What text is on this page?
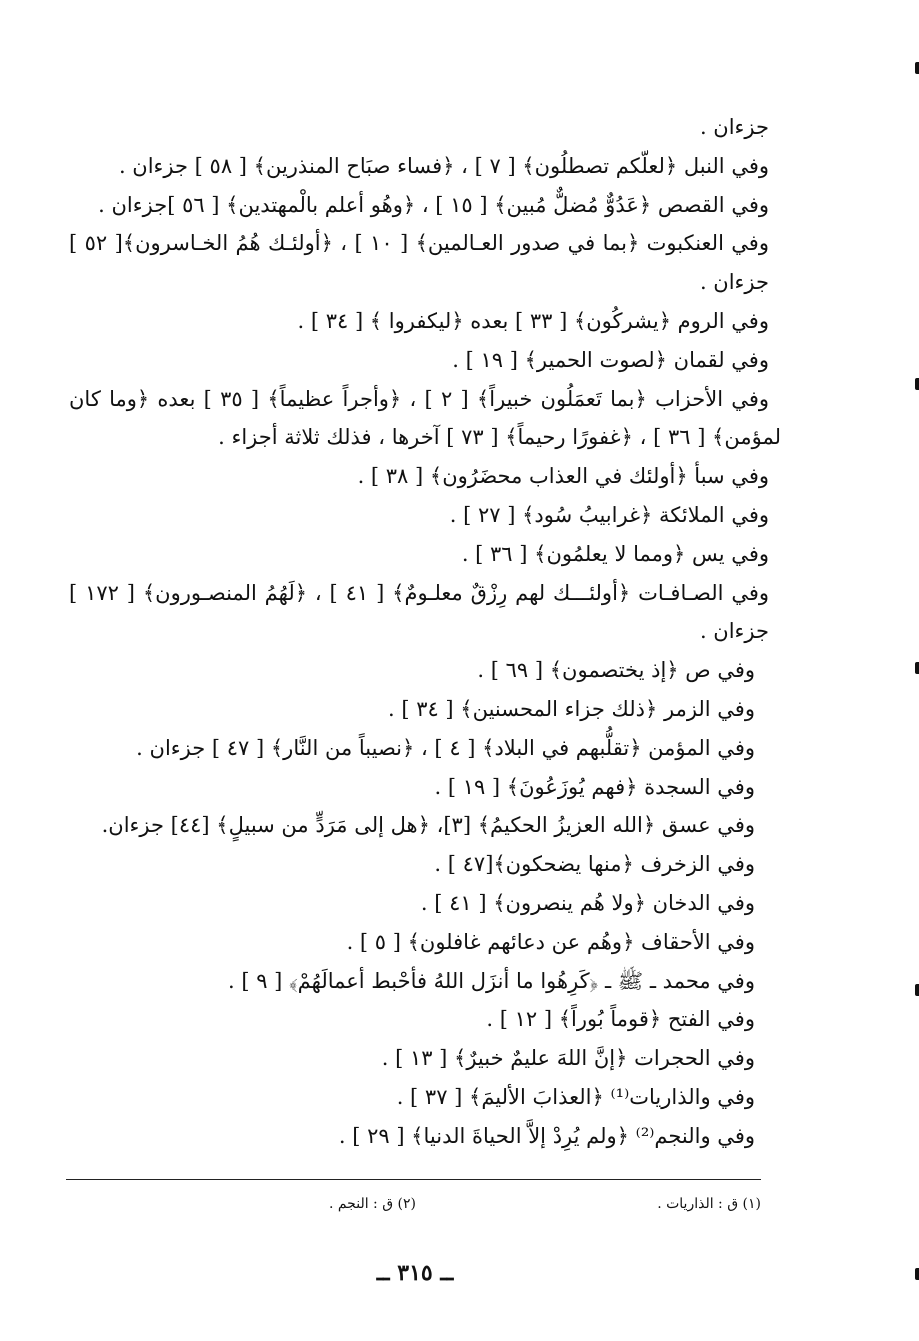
جزءان .
وفي النبل ﴿لعلّكم تصطلُون﴾ [ ٧ ] ، ﴿فساء صبَاح المنذرين﴾ [ ٥٨ ] جزءان .
وفي القصص ﴿عَدُوٌّ مُضلٌّ مُبين﴾ [ ١٥ ] ، ﴿وهُو أعلم بالْمهتدين﴾ [ ٥٦ ]جزءان .
وفي العنكبوت ﴿بما في صدور العـالمين﴾ [ ١٠ ] ، ﴿أولئـك هُمُ الخـاسرون﴾[ ٥٢ ]
جزءان .
وفي الروم ﴿يشركُون﴾ [ ٣٣ ] بعده ﴿ليكفروا ﴾ [ ٣٤ ] .
وفي لقمان ﴿لصوت الحمير﴾ [ ١٩ ] .
وفي الأحزاب ﴿بما تَعمَلُون خبيراً﴾ [ ٢ ] ، ﴿وأجراً عظيماً﴾ [ ٣٥ ] بعده ﴿وما كان
لمؤمن﴾ [ ٣٦ ] ، ﴿غفورًا رحيماً﴾ [ ٧٣ ] آخرها ، فذلك ثلاثة أجزاء .
وفي سبأ ﴿أولئك في العذاب محضَرُون﴾ [ ٣٨ ] .
وفي الملائكة ﴿غرابيبُ سُود﴾ [ ٢٧ ] .
وفي يس ﴿ومما لا يعلمُون﴾ [ ٣٦ ] .
وفي الصـافـات ﴿أولئـــك لهم رِزْقٌ معلـومٌ﴾ [ ٤١ ] ، ﴿لَهُمُ المنصـورون﴾ [ ١٧٢ ]
جزءان .
وفي ص ﴿إذ يختصمون﴾ [ ٦٩ ] .
وفي الزمر ﴿ذلك جزاء المحسنين﴾ [ ٣٤ ] .
وفي المؤمن ﴿تقلُّبهم في البلاد﴾ [ ٤ ] ، ﴿نصيباً من النَّار﴾ [ ٤٧ ] جزءان .
وفي السجدة ﴿فهم يُوزَعُونَ﴾ [ ١٩ ] .
وفي عسق ﴿الله العزيزُ الحكيمُ﴾ [٣]، ﴿هل إلى مَرَدٍّ من سبيلٍ﴾ [٤٤] جزءان.
وفي الزخرف ﴿منها يضحكون﴾[٤٧ ] .
وفي الدخان ﴿ولا هُم ينصرون﴾ [ ٤١ ] .
وفي الأحقاف ﴿وهُم عن دعائهم غافلون﴾ [ ٥ ] .
وفي محمد ـ ﷺ ـ ﴿كَرِهُوا ما أنزَل اللهُ فأحْبط أعمالَهُمْ﴾ [ ٩ ] .
وفي الفتح ﴿قوماً بُوراً﴾ [ ١٢ ] .
وفي الحجرات ﴿إنَّ اللهَ عليمٌ خبيرٌ﴾ [ ١٣ ] .
وفي والذاريات⁽¹⁾ ﴿العذابَ الأليمَ﴾ [ ٣٧ ] .
وفي والنجم⁽²⁾ ﴿ولم يُرِدْ إلاَّ الحياةَ الدنيا﴾ [ ٢٩ ] .
(١) ق : الذاريات .
(٢) ق : النجم .
ــ ٣١٥ ــ
